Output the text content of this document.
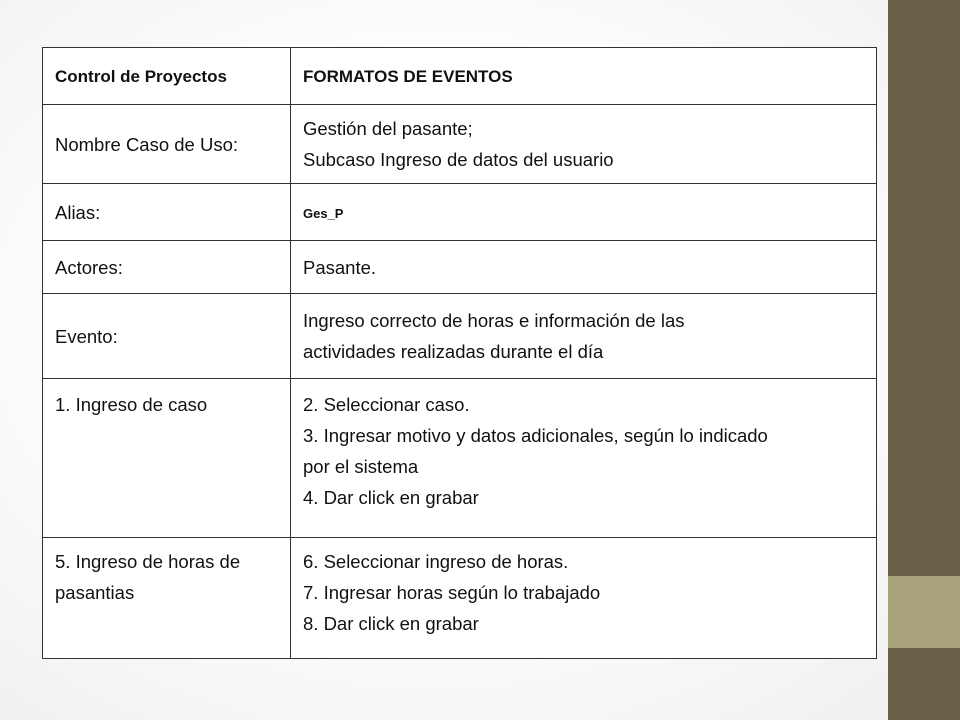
Control de Proyectos	FORMATOS DE EVENTOS
Nombre Caso de Uso:	Gestión del pasante;
Subcaso Ingreso de datos del usuario

Alias:	Ges_P
Actores:	Pasante.
Evento:	Ingreso correcto de horas e información de las
actividades realizadas durante el día

1. Ingreso de caso	2. Seleccionar caso.
3. Ingresar motivo y datos adicionales, según lo indicado
por el sistema
4. Dar click en grabar

5. Ingreso de horas de
pasantias	6. Seleccionar ingreso de horas.
7. Ingresar horas según lo trabajado
8. Dar click en grabar
